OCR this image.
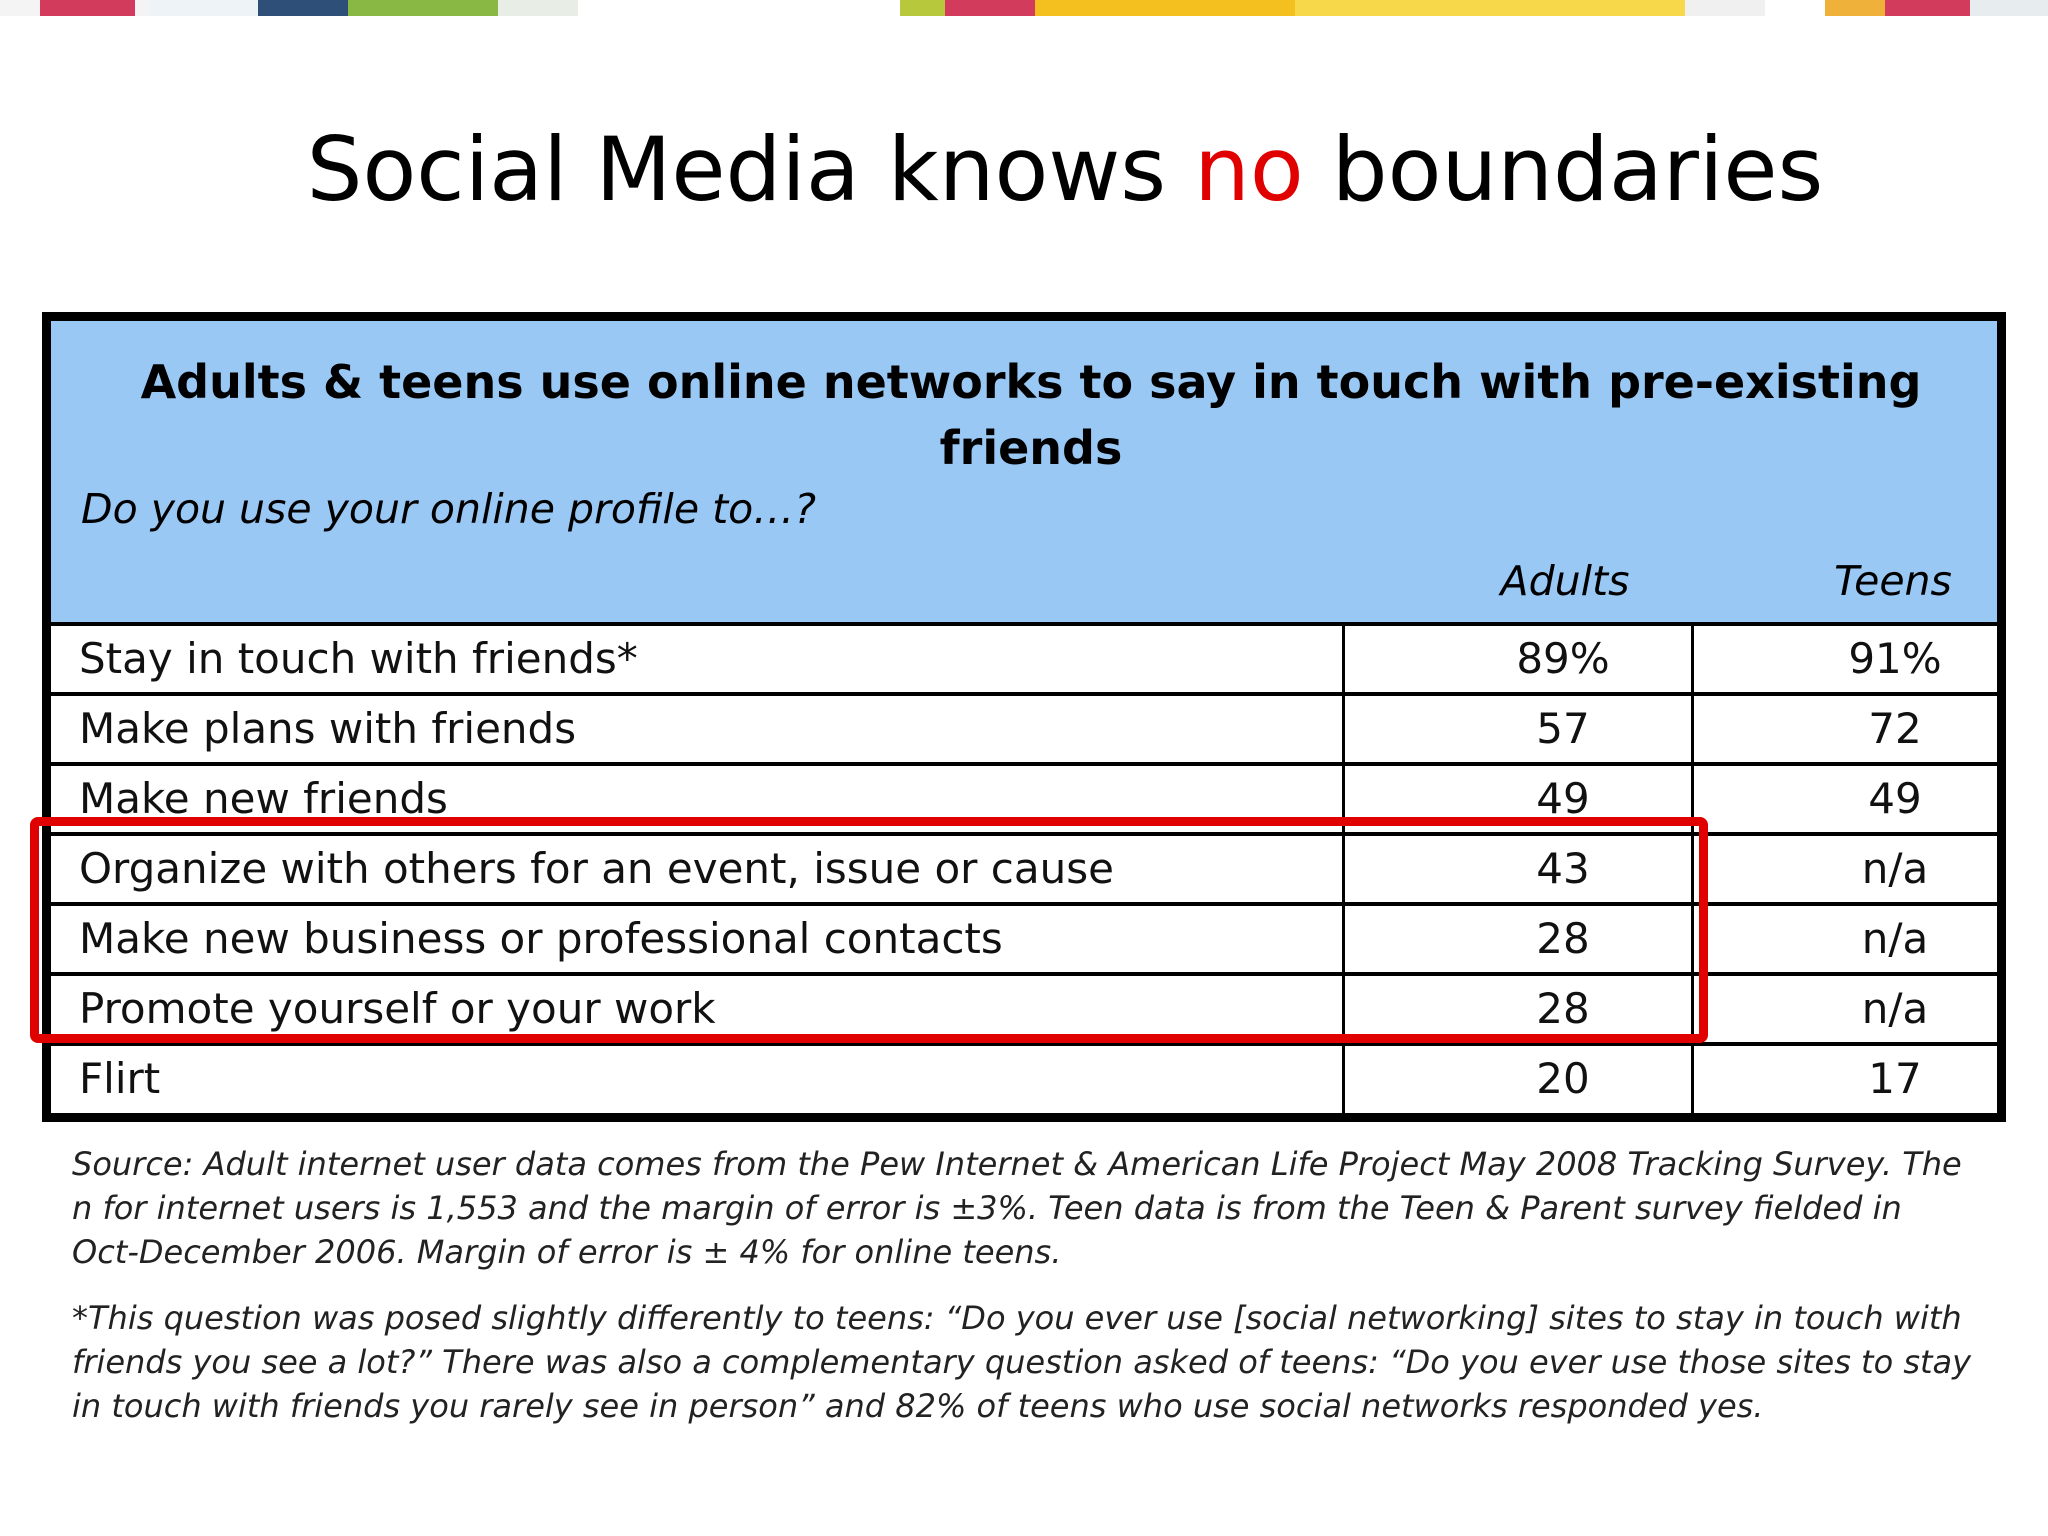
Social Media knows no boundaries
Adults & teens use online networks to say in touch with pre-existing friends
Do you use your online profile to…?
Adults	Teens
Stay in touch with friends*	89%	91%
Make plans with friends	57	72
Make new friends	49	49
Organize with others for an event, issue or cause	43	n/a
Make new business or professional contacts	28	n/a
Promote yourself or your work	28	n/a
Flirt	20	17
Source: Adult internet user data comes from the Pew Internet & American Life Project May 2008 Tracking Survey. The n for internet users is 1,553 and the margin of error is ±3%. Teen data is from the Teen & Parent survey fielded in Oct-December 2006. Margin of error is ± 4% for online teens.
*This question was posed slightly differently to teens: “Do you ever use [social networking] sites to stay in touch with friends you see a lot?” There was also a complementary question asked of teens: “Do you ever use those sites to stay in touch with friends you rarely see in person” and 82% of teens who use social networks responded yes.
